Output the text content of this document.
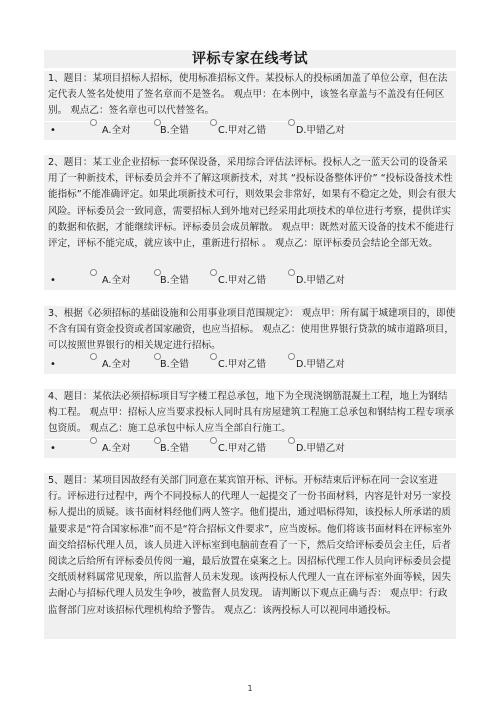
评标专家在线考试
1、题目：某项目招标人招标，使用标准招标文件。某投标人的投标函加盖了单位公章，但在法定代表人签名处使用了签名章而不是签名。 观点甲：在本例中，该签名章盖与不盖没有任何区别。 观点乙：签名章也可以代替签名。
•	A.全对	B.全错	C.甲对乙错	D.甲错乙对
2、题目：某工业企业招标一套环保设备，采用综合评估法评标。投标人之一蓝天公司的设备采用了一种新技术，评标委员会并不了解这项新技术，对其 “投标设备整体评价” “投标设备技术性能指标”不能准确评定。如果此项新技术可行，则效果会非常好，如果有不稳定之处，则会有很大风险。评标委员会一致同意，需要招标人到外地对已经采用此项技术的单位进行考察，提供详实的数据和依据，才能继续评标。评标委员会成员解散。 观点甲：既然对蓝天设备的技术不能进行评定，评标不能完成，就应该中止，重新进行招标 。 观点乙：原评标委员会结论全部无效。
•	A.全对	B.全错	C.甲对乙错	D.甲错乙对
3、根据《必须招标的基础设施和公用事业项目范围规定》： 观点甲：所有属于城建项目的，即使不含有国有资金投资或者国家融资，也应当招标。 观点乙：使用世界银行贷款的城市道路项目，可以按照世界银行的相关规定进行招标。
•	A.全对	B.全错	C.甲对乙错	D.甲错乙对
4、题目：某依法必须招标项目写字楼工程总承包，地下为全现浇钢筋混凝土工程，地上为钢结构工程。 观点甲：招标人应当要求投标人同时具有房屋建筑工程施工总承包和钢结构工程专项承包资质。 观点乙：施工总承包中标人应当全部自行施工。
•	A.全对	B.全错	C.甲对乙错	D.甲错乙对
5、题目：某项目因故经有关部门同意在某宾馆开标、评标。开标结束后评标在同一会议室进行。评标进行过程中，两个不同投标人的代理人一起提交了一份书面材料，内容是针对另一家投标人提出的质疑。该书面材料经他们两人签字。他们提出，通过唱标得知，该投标人所承诺的质量要求是“符合国家标准”而不是“符合招标文件要求”，应当废标。他们将该书面材料在评标室外面交给招标代理人员，该人员进入评标室到电脑前查看了一下，然后交给评标委员会主任，后者阅读之后给所有评标委员传阅一遍，最后放置在桌案之上。因招标代理工作人员向评标委员会提交纸质材料属常见现象，所以监督人员未发现。该两投标人代理人一直在评标室外面等候，因失去耐心与招标代理人员发生争吵，被监督人员发现。 请判断以下观点正确与否： 观点甲：行政监督部门应对该招标代理机构给予警告。 观点乙：该两投标人可以视同串通投标。
1
